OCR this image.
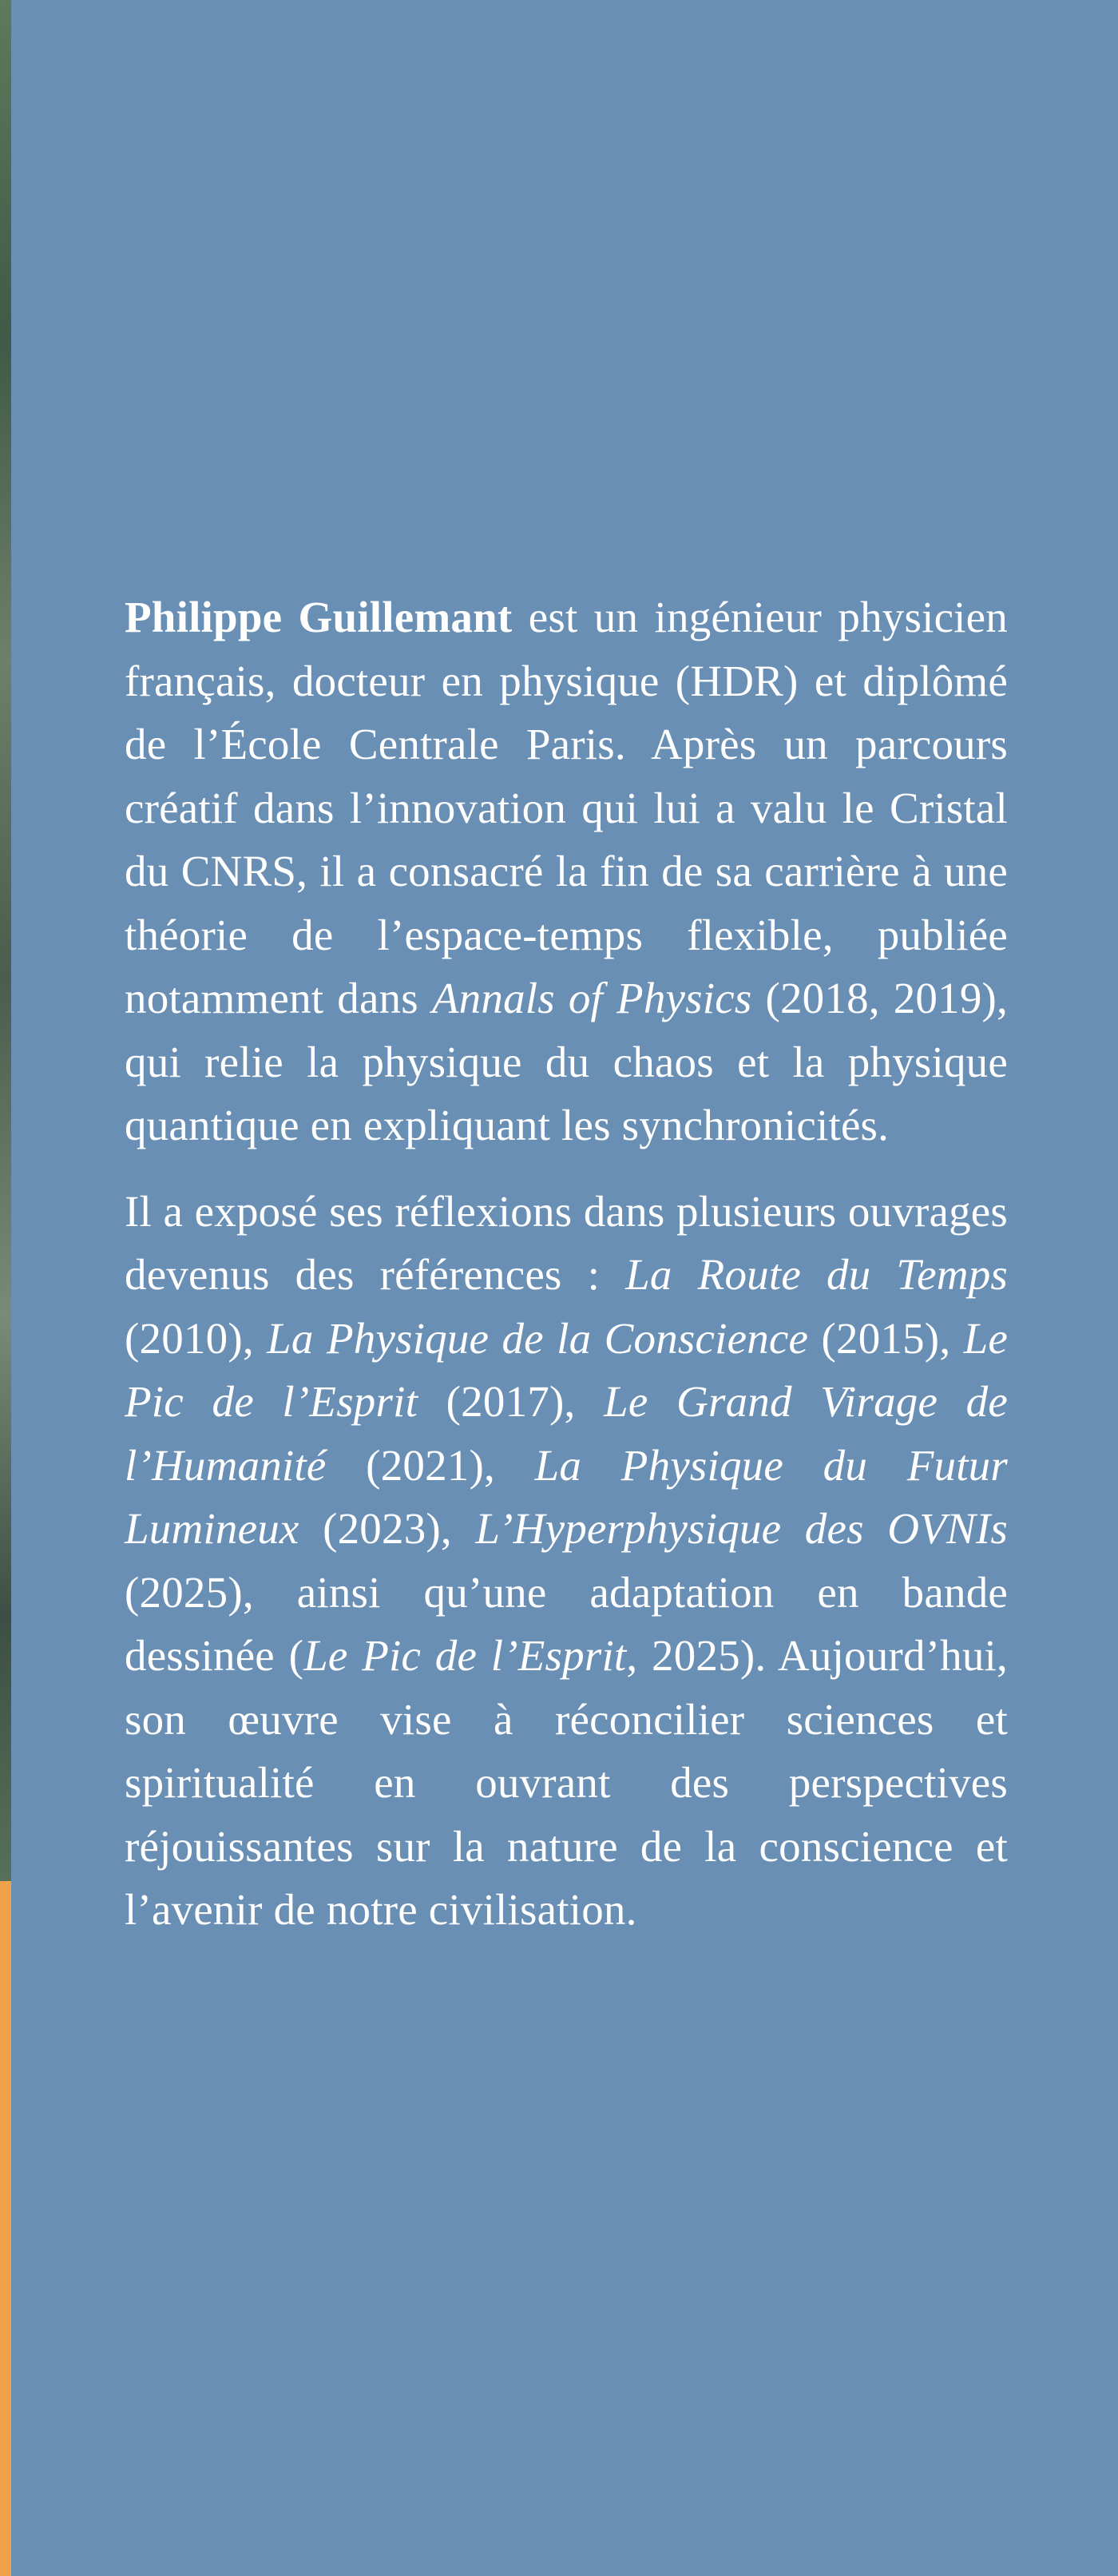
Philippe Guillemant est un ingénieur physicien français, docteur en physique (HDR) et diplômé de l’École Centrale Paris. Après un parcours créatif dans l’innovation qui lui a valu le Cristal du CNRS, il a consacré la fin de sa carrière à une théorie de l’espace-temps flexible, publiée notamment dans Annals of Physics (2018, 2019), qui relie la physique du chaos et la physique quantique en expliquant les synchronicités.

Il a exposé ses réflexions dans plusieurs ouvrages devenus des références : La Route du Temps (2010), La Physique de la Conscience (2015), Le Pic de l’Esprit (2017), Le Grand Virage de l’Humanité (2021), La Physique du Futur Lumineux (2023), L’Hyperphysique des OVNIs (2025), ainsi qu’une adaptation en bande dessinée (Le Pic de l’Esprit, 2025). Aujourd’hui, son œuvre vise à réconcilier sciences et spiritualité en ouvrant des perspectives réjouissantes sur la nature de la conscience et l’avenir de notre civilisation.
